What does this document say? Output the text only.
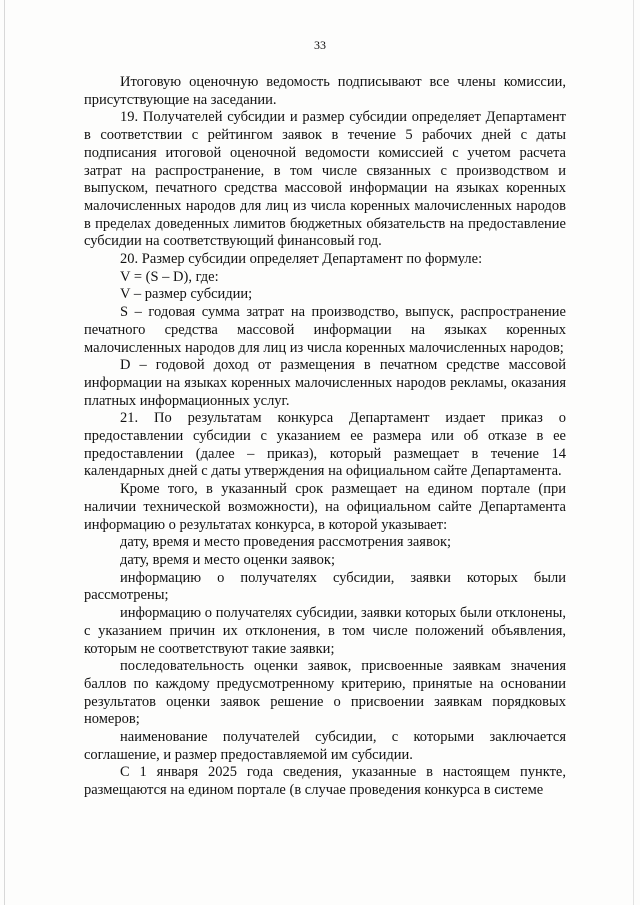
33

Итоговую оценочную ведомость подписывают все члены комиссии, присутствующие на заседании.

19. Получателей субсидии и размер субсидии определяет Департамент в соответствии с рейтингом заявок в течение 5 рабочих дней с даты подписания итоговой оценочной ведомости комиссией с учетом расчета затрат на распространение, в том числе связанных с производством и выпуском, печатного средства массовой информации на языках коренных малочисленных народов для лиц из числа коренных малочисленных народов в пределах доведенных лимитов бюджетных обязательств на предоставление субсидии на соответствующий финансовый год.

20. Размер субсидии определяет Департамент по формуле:

V = (S – D), где:

V – размер субсидии;

S – годовая сумма затрат на производство, выпуск, распространение печатного средства массовой информации на языках коренных малочисленных народов для лиц из числа коренных малочисленных народов;

D – годовой доход от размещения в печатном средстве массовой информации на языках коренных малочисленных народов рекламы, оказания платных информационных услуг.

21. По результатам конкурса Департамент издает приказ о предоставлении субсидии с указанием ее размера или об отказе в ее предоставлении (далее – приказ), который размещает в течение 14 календарных дней с даты утверждения на официальном сайте Департамента.

Кроме того, в указанный срок размещает на едином портале (при наличии технической возможности), на официальном сайте Департамента информацию о результатах конкурса, в которой указывает:

дату, время и место проведения рассмотрения заявок;

дату, время и место оценки заявок;

информацию о получателях субсидии, заявки которых были рассмотрены;

информацию о получателях субсидии, заявки которых были отклонены, с указанием причин их отклонения, в том числе положений объявления, которым не соответствуют такие заявки;

последовательность оценки заявок, присвоенные заявкам значения баллов по каждому предусмотренному критерию, принятые на основании результатов оценки заявок решение о присвоении заявкам порядковых номеров;

наименование получателей субсидии, с которыми заключается соглашение, и размер предоставляемой им субсидии.

С 1 января 2025 года сведения, указанные в настоящем пункте, размещаются на едином портале (в случае проведения конкурса в системе
